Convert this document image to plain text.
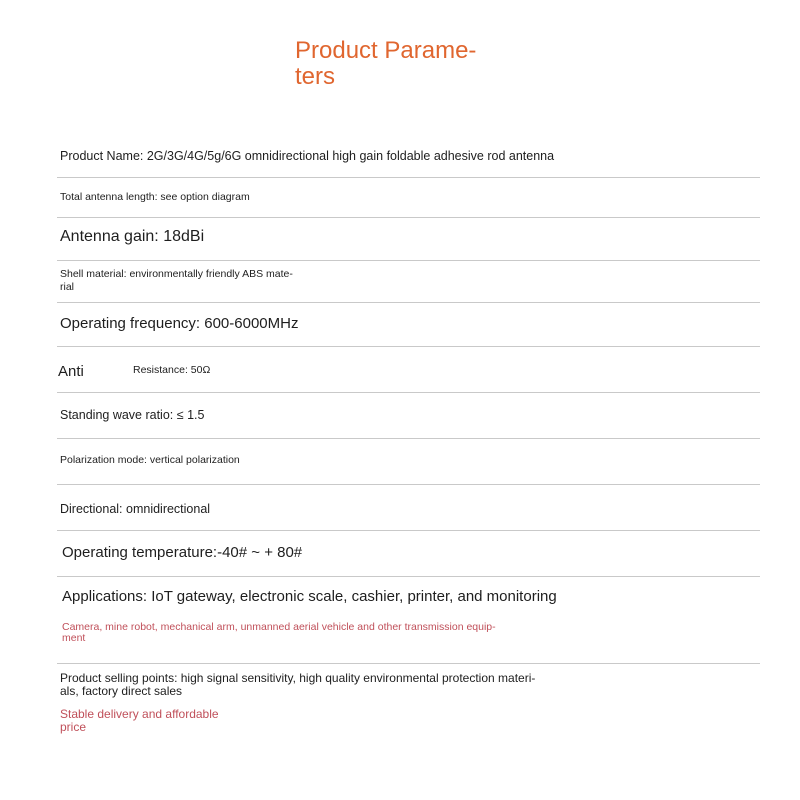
Product Parame-
ters

Product Name: 2G/3G/4G/5g/6G omnidirectional high gain foldable adhesive rod antenna

Total antenna length: see option diagram

Antenna gain: 18dBi

Shell material: environmentally friendly ABS mate-

rial

Operating frequency: 600-6000MHz

Anti	Resistance: 50Ω

Standing wave ratio: ≤ 1.5

Polarization mode: vertical polarization

Directional: omnidirectional

Operating temperature:-40# ~ + 80#

Applications: IoT gateway, electronic scale, cashier, printer, and monitoring

Camera, mine robot, mechanical arm, unmanned aerial vehicle and other transmission equip-

ment

Product selling points: high signal sensitivity, high quality environmental protection materi-

als, factory direct sales

Stable delivery and affordable

price
